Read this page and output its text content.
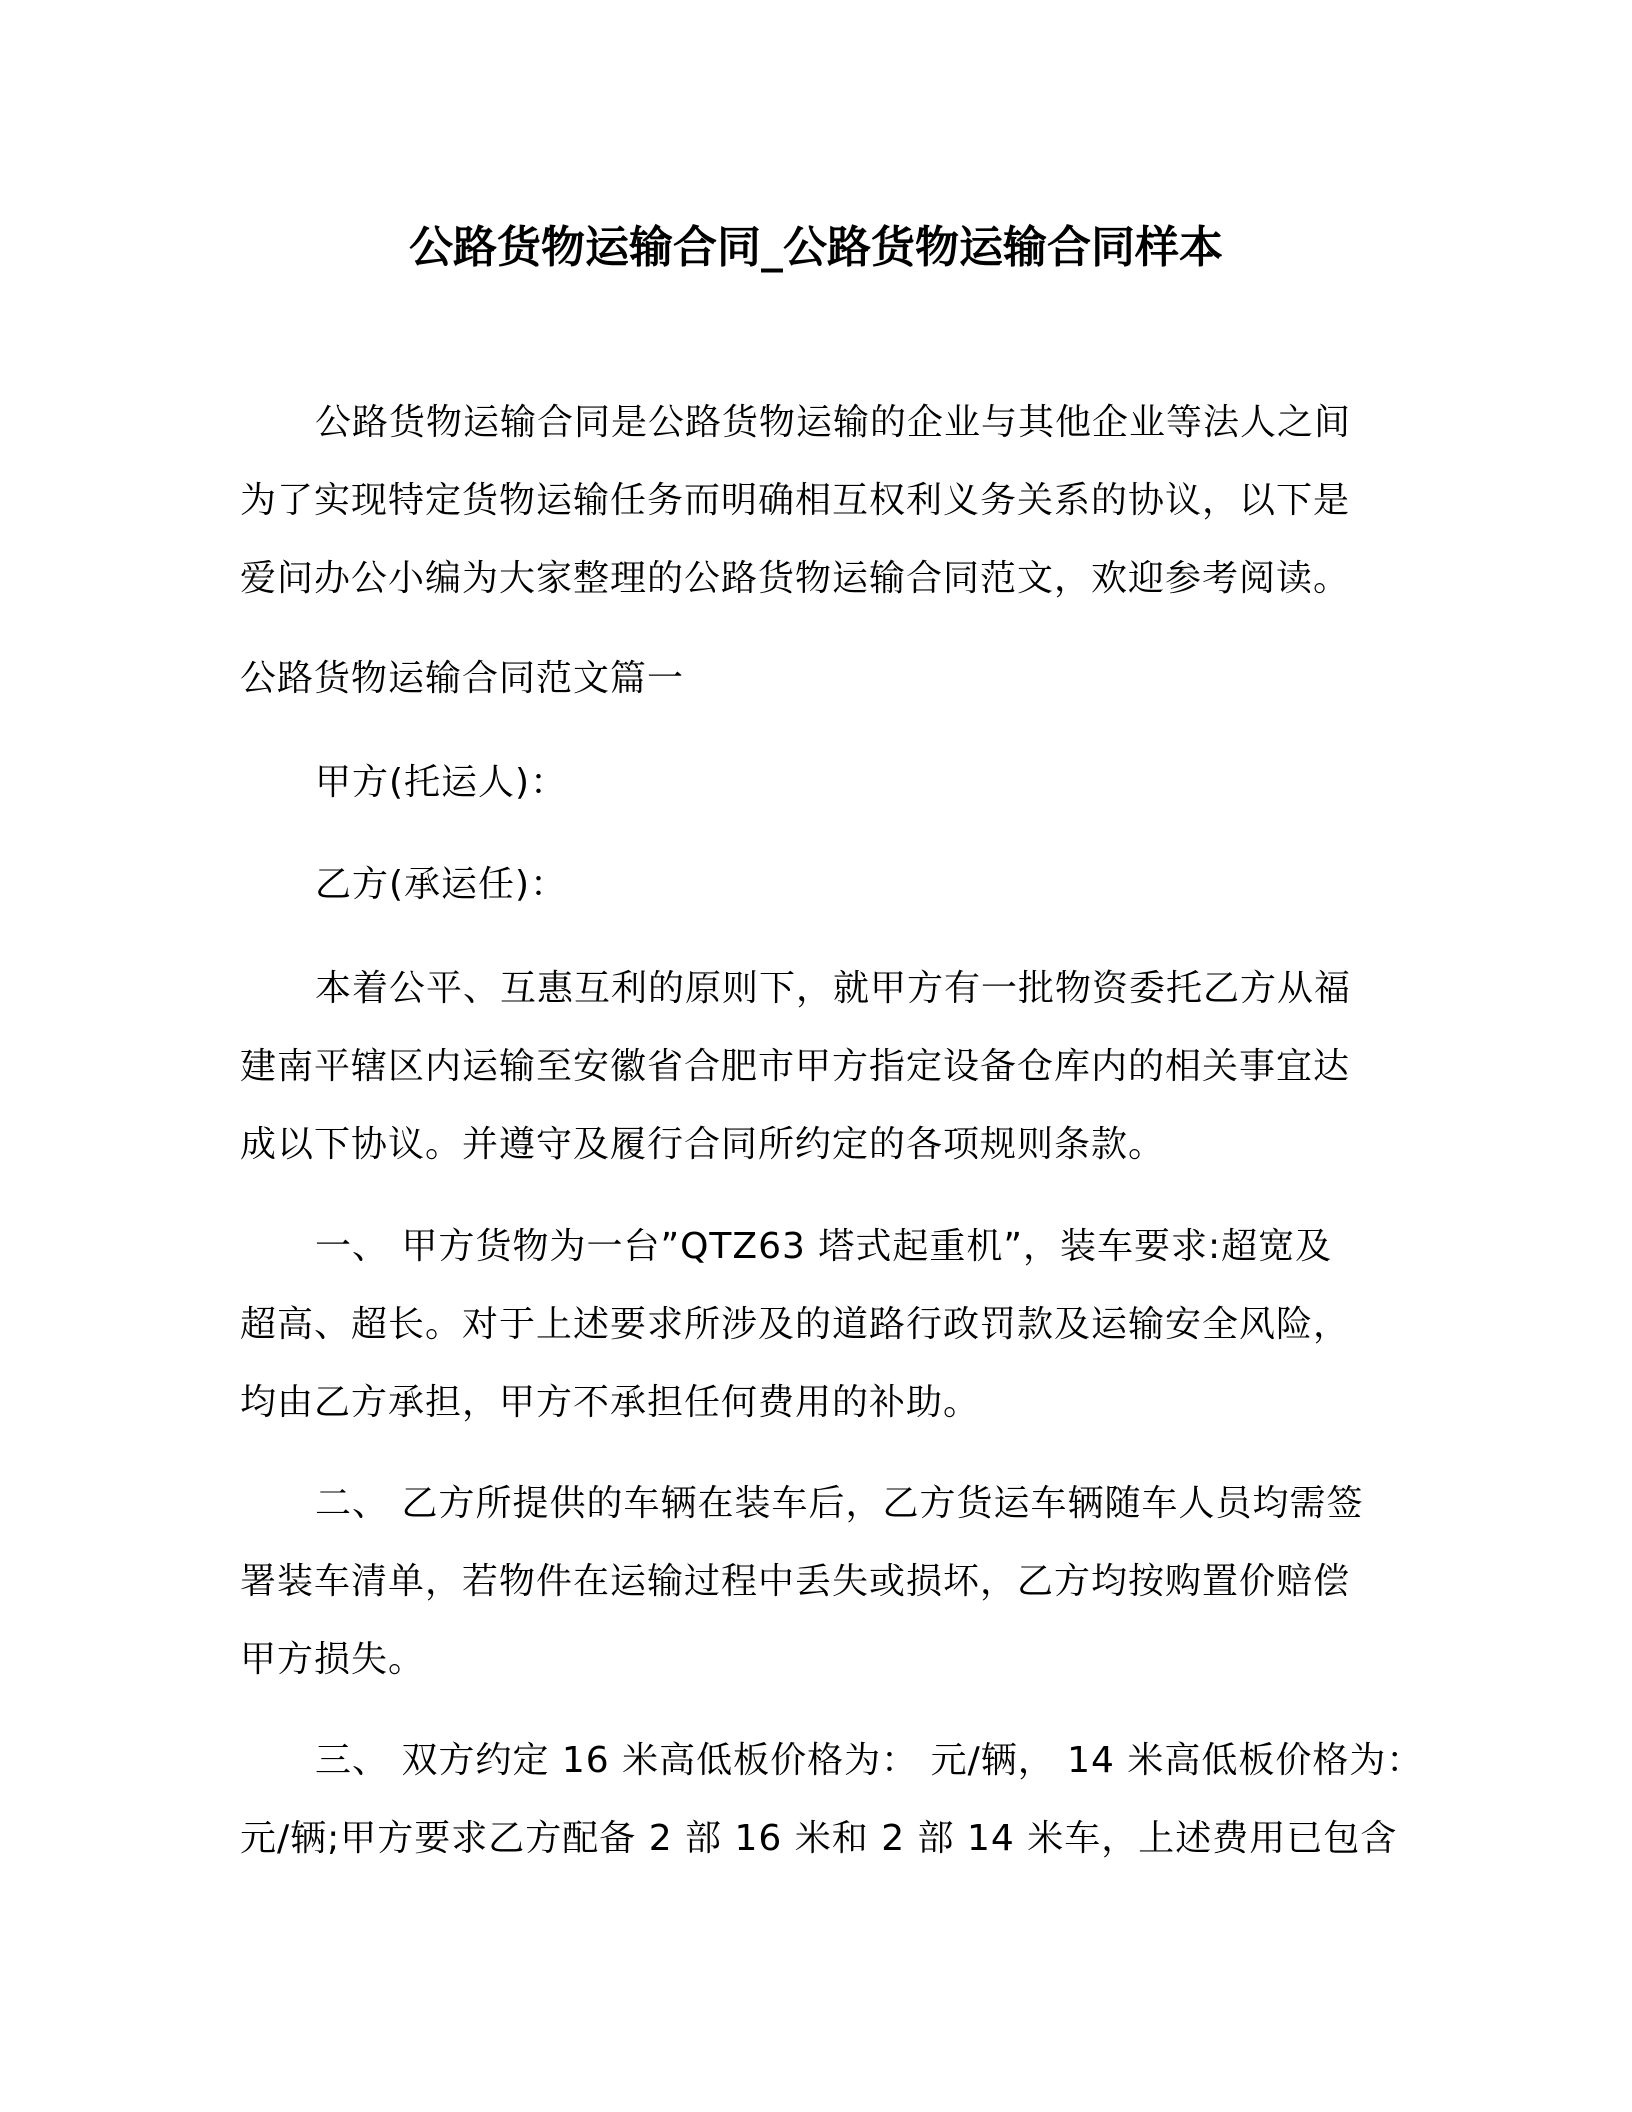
公路货物运输合同_公路货物运输合同样本
公路货物运输合同是公路货物运输的企业与其他企业等法人之间
为了实现特定货物运输任务而明确相互权利义务关系的协议，以下是
爱问办公小编为大家整理的公路货物运输合同范文，欢迎参考阅读。
公路货物运输合同范文篇一
甲方(托运人)：
乙方(承运任)：
本着公平、互惠互利的原则下，就甲方有一批物资委托乙方从福
建南平辖区内运输至安徽省合肥市甲方指定设备仓库内的相关事宜达
成以下协议。并遵守及履行合同所约定的各项规则条款。
一、 甲方货物为一台”QTZ63 塔式起重机”，装车要求:超宽及
超高、超长。对于上述要求所涉及的道路行政罚款及运输安全风险，
均由乙方承担，甲方不承担任何费用的补助。
二、 乙方所提供的车辆在装车后，乙方货运车辆随车人员均需签
署装车清单，若物件在运输过程中丢失或损坏，乙方均按购置价赔偿
甲方损失。
三、 双方约定 16 米高低板价格为： 元/辆， 14 米高低板价格为：
元/辆;甲方要求乙方配备 2 部 16 米和 2 部 14 米车，上述费用已包含
